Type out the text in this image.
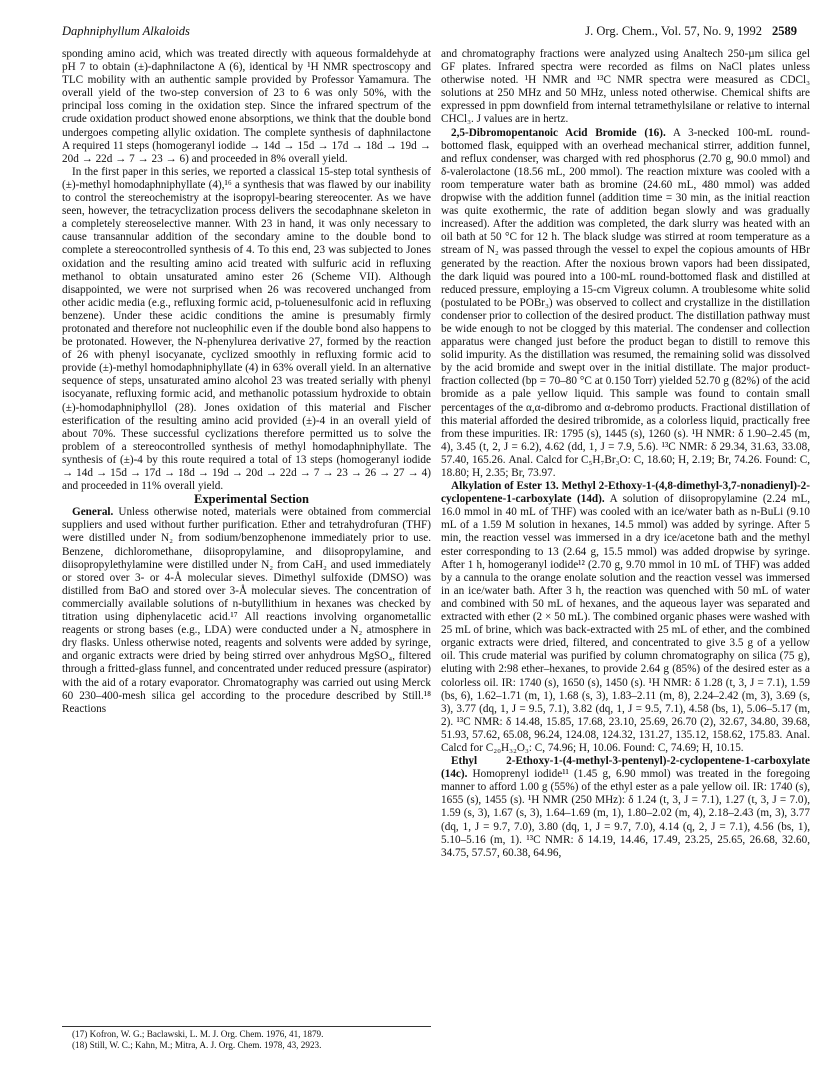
Daphniphyllum Alkaloids	J. Org. Chem., Vol. 57, No. 9, 1992 2589

sponding amino acid, which was treated directly with aqueous formaldehyde at pH 7 to obtain (±)-daphnilactone A (6), identical by ¹H NMR spectroscopy and TLC mobility with an authentic sample provided by Professor Yamamura. The overall yield of the two-step conversion of 23 to 6 was only 50%, with the principal loss coming in the oxidation step. Since the infrared spectrum of the crude oxidation product showed enone absorptions, we think that the double bond undergoes competing allylic oxidation. The complete synthesis of daphnilactone A required 11 steps (homogeranyl iodide → 14d → 15d → 17d → 18d → 19d → 20d → 22d → 7 → 23 → 6) and proceeded in 8% overall yield.

In the first paper in this series, we reported a classical 15-step total synthesis of (±)-methyl homodaphniphyllate (4),¹⁶ a synthesis that was flawed by our inability to control the stereochemistry at the isopropyl-bearing stereocenter. As we have seen, however, the tetracyclization process delivers the secodaphnane skeleton in a completely stereoselective manner. With 23 in hand, it was only necessary to cause transannular addition of the secondary amine to the double bond to complete a stereocontrolled synthesis of 4. To this end, 23 was subjected to Jones oxidation and the resulting amino acid treated with sulfuric acid in refluxing methanol to obtain unsaturated amino ester 26 (Scheme VII). Although disappointed, we were not surprised when 26 was recovered unchanged from other acidic media (e.g., refluxing formic acid, p-toluenesulfonic acid in refluxing benzene). Under these acidic conditions the amine is presumably firmly protonated and therefore not nucleophilic even if the double bond also happens to be protonated. However, the N-phenylurea derivative 27, formed by the reaction of 26 with phenyl isocyanate, cyclized smoothly in refluxing formic acid to provide (±)-methyl homodaphniphyllate (4) in 63% overall yield. In an alternative sequence of steps, unsaturated amino alcohol 23 was treated serially with phenyl isocyanate, refluxing formic acid, and methanolic potassium hydroxide to obtain (±)-homodaphniphyllol (28). Jones oxidation of this material and Fischer esterification of the resulting amino acid provided (±)-4 in an overall yield of about 70%. These successful cyclizations therefore permitted us to solve the problem of a stereocontrolled synthesis of methyl homodaphniphyllate. The synthesis of (±)-4 by this route required a total of 13 steps (homogeranyl iodide → 14d → 15d → 17d → 18d → 19d → 20d → 22d → 7 → 23 → 26 → 27 → 4) and proceeded in 11% overall yield.

Experimental Section

General. Unless otherwise noted, materials were obtained from commercial suppliers and used without further purification. Ether and tetrahydrofuran (THF) were distilled under N₂ from sodium/benzophenone immediately prior to use. Benzene, dichloromethane, diisopropylamine, and diisopropylamine, and diisopropylethylamine were distilled under N₂ from CaH₂ and used immediately or stored over 3- or 4-Å molecular sieves. Dimethyl sulfoxide (DMSO) was distilled from BaO and stored over 3-Å molecular sieves. The concentration of commercially available solutions of n-butyllithium in hexanes was checked by titration using diphenylacetic acid.¹⁷ All reactions involving organometallic reagents or strong bases (e.g., LDA) were conducted under a N₂ atmosphere in dry flasks. Unless otherwise noted, reagents and solvents were added by syringe, and organic extracts were dried by being stirred over anhydrous MgSO₄, filtered through a fritted-glass funnel, and concentrated under reduced pressure (aspirator) with the aid of a rotary evaporator. Chromatography was carried out using Merck 60 230–400-mesh silica gel according to the procedure described by Still.¹⁸ Reactions

(17) Kofron, W. G.; Baclawski, L. M. J. Org. Chem. 1976, 41, 1879.
(18) Still, W. C.; Kahn, M.; Mitra, A. J. Org. Chem. 1978, 43, 2923.

and chromatography fractions were analyzed using Analtech 250-µm silica gel GF plates. Infrared spectra were recorded as films on NaCl plates unless otherwise noted. ¹H NMR and ¹³C NMR spectra were measured as CDCl₃ solutions at 250 MHz and 50 MHz, unless noted otherwise. Chemical shifts are expressed in ppm downfield from internal tetramethylsilane or relative to internal CHCl₃. J values are in hertz.

2,5-Dibromopentanoic Acid Bromide (16). A 3-necked 100-mL round-bottomed flask, equipped with an overhead mechanical stirrer, addition funnel, and reflux condenser, was charged with red phosphorus (2.70 g, 90.0 mmol) and δ-valerolactone (18.56 mL, 200 mmol). The reaction mixture was cooled with a room temperature water bath as bromine (24.60 mL, 480 mmol) was added dropwise with the addition funnel (addition time = 30 min, as the initial reaction was quite exothermic, the rate of addition began slowly and was gradually increased). After the addition was completed, the dark slurry was heated with an oil bath at 50 °C for 12 h. The black sludge was stirred at room temperature as a stream of N₂ was passed through the vessel to expel the copious amounts of HBr generated by the reaction. After the noxious brown vapors had been dissipated, the dark liquid was poured into a 100-mL round-bottomed flask and distilled at reduced pressure, employing a 15-cm Vigreux column. A troublesome white solid (postulated to be POBr₃) was observed to collect and crystallize in the distillation condenser prior to collection of the desired product. The distillation pathway must be wide enough to not be clogged by this material. The condenser and collection apparatus were changed just before the product began to distill to remove this solid impurity. As the distillation was resumed, the remaining solid was dissolved by the acid bromide and swept over in the initial distillate. The major product-fraction collected (bp = 70–80 °C at 0.150 Torr) yielded 52.70 g (82%) of the acid bromide as a pale yellow liquid. This sample was found to contain small percentages of the α,α-dibromo and α-debromo products. Fractional distillation of this material afforded the desired tribromide, as a colorless liquid, practically free from these impurities. IR: 1795 (s), 1445 (s), 1260 (s). ¹H NMR: δ 1.90–2.45 (m, 4), 3.45 (t, 2, J = 6.2), 4.62 (dd, 1, J = 7.9, 5.6). ¹³C NMR: δ 29.34, 31.63, 33.08, 57.40, 165.26. Anal. Calcd for C₅H₇Br₃O: C, 18.60; H, 2.19; Br, 74.26. Found: C, 18.80; H, 2.35; Br, 73.97.

Alkylation of Ester 13. Methyl 2-Ethoxy-1-(4,8-dimethyl-3,7-nonadienyl)-2-cyclopentene-1-carboxylate (14d). A solution of diisopropylamine (2.24 mL, 16.0 mmol in 40 mL of THF) was cooled with an ice/water bath as n-BuLi (9.10 mL of a 1.59 M solution in hexanes, 14.5 mmol) was added by syringe. After 5 min, the reaction vessel was immersed in a dry ice/acetone bath and the methyl ester corresponding to 13 (2.64 g, 15.5 mmol) was added dropwise by syringe. After 1 h, homogeranyl iodide¹² (2.70 g, 9.70 mmol in 10 mL of THF) was added by a cannula to the orange enolate solution and the reaction vessel was immersed in an ice/water bath. After 3 h, the reaction was quenched with 50 mL of water and combined with 50 mL of hexanes, and the aqueous layer was separated and extracted with ether (2 × 50 mL). The combined organic phases were washed with 25 mL of brine, which was back-extracted with 25 mL of ether, and the combined organic extracts were dried, filtered, and concentrated to give 3.5 g of a yellow oil. This crude material was purified by column chromatography on silica (75 g), eluting with 2:98 ether–hexanes, to provide 2.64 g (85%) of the desired ester as a colorless oil. IR: 1740 (s), 1650 (s), 1450 (s). ¹H NMR: δ 1.28 (t, 3, J = 7.1), 1.59 (bs, 6), 1.62–1.71 (m, 1), 1.68 (s, 3), 1.83–2.11 (m, 8), 2.24–2.42 (m, 3), 3.69 (s, 3), 3.77 (dq, 1, J = 9.5, 7.1), 3.82 (dq, 1, J = 9.5, 7.1), 4.58 (bs, 1), 5.06–5.17 (m, 2). ¹³C NMR: δ 14.48, 15.85, 17.68, 23.10, 25.69, 26.70 (2), 32.67, 34.80, 39.68, 51.93, 57.62, 65.08, 96.24, 124.08, 124.32, 131.27, 135.12, 158.62, 175.83. Anal. Calcd for C₂₀H₃₂O₃: C, 74.96; H, 10.06. Found: C, 74.69; H, 10.15.

Ethyl 2-Ethoxy-1-(4-methyl-3-pentenyl)-2-cyclopentene-1-carboxylate (14c). Homoprenyl iodide¹¹ (1.45 g, 6.90 mmol) was treated in the foregoing manner to afford 1.00 g (55%) of the ethyl ester as a pale yellow oil. IR: 1740 (s), 1655 (s), 1455 (s). ¹H NMR (250 MHz): δ 1.24 (t, 3, J = 7.1), 1.27 (t, 3, J = 7.0), 1.59 (s, 3), 1.67 (s, 3), 1.64–1.69 (m, 1), 1.80–2.02 (m, 4), 2.18–2.43 (m, 3), 3.77 (dq, 1, J = 9.7, 7.0), 3.80 (dq, 1, J = 9.7, 7.0), 4.14 (q, 2, J = 7.1), 4.56 (bs, 1), 5.10–5.16 (m, 1). ¹³C NMR: δ 14.19, 14.46, 17.49, 23.25, 25.65, 26.68, 32.60, 34.75, 57.57, 60.38, 64.96,
